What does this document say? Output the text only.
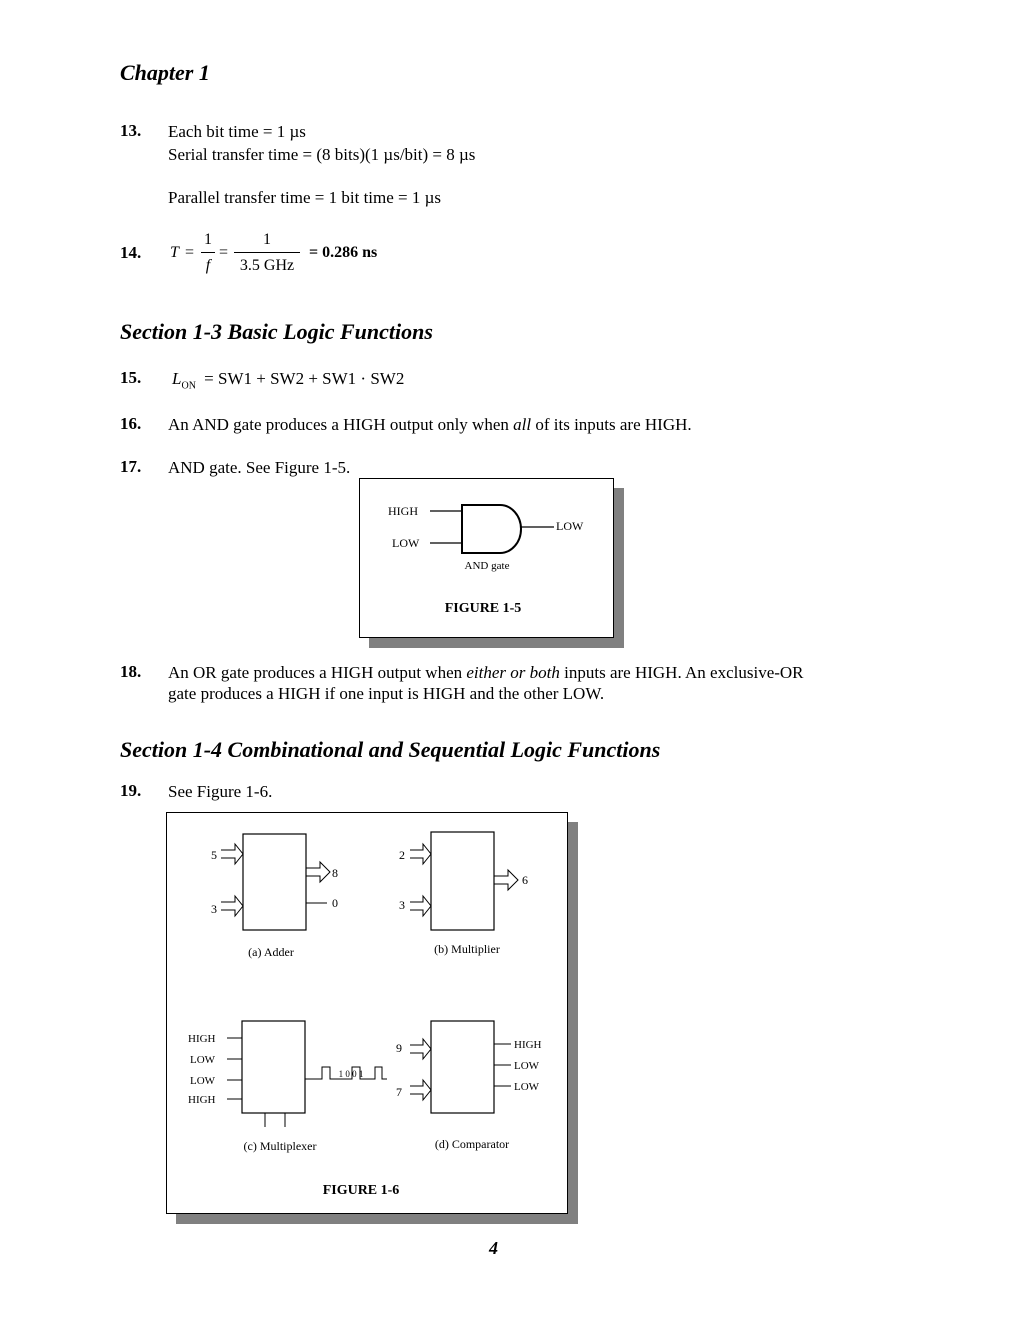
Chapter 1
13. Each bit time = 1 µs
Serial transfer time = (8 bits)(1 µs/bit) = 8 µs
Parallel transfer time = 1 bit time = 1 µs
14. T =
1
f
=
1
3.5 GHz
= 0.286 ns
Section 1-3 Basic Logic Functions
15. $L_{ON} = SW1 + SW2 + SW1 \cdot SW2$
16. An AND gate produces a HIGH output only when all of its inputs are HIGH.
17. AND gate. See Figure 1-5.
HIGH
LOW
LOW
AND gate
FIGURE 1-5
18. An OR gate produces a HIGH output when either or both inputs are HIGH. An exclusive-OR
gate produces a HIGH if one input is HIGH and the other LOW.
Section 1-4 Combinational and Sequential Logic Functions
19. See Figure 1-6.
5
3
8
0
(a) Adder
2
3
6
(b) Multiplier
HIGH
LOW
LOW
HIGH
1 0 0 1
(c) Multiplexer
9
7
HIGH
LOW
LOW
(d) Comparator
FIGURE 1-6
4
